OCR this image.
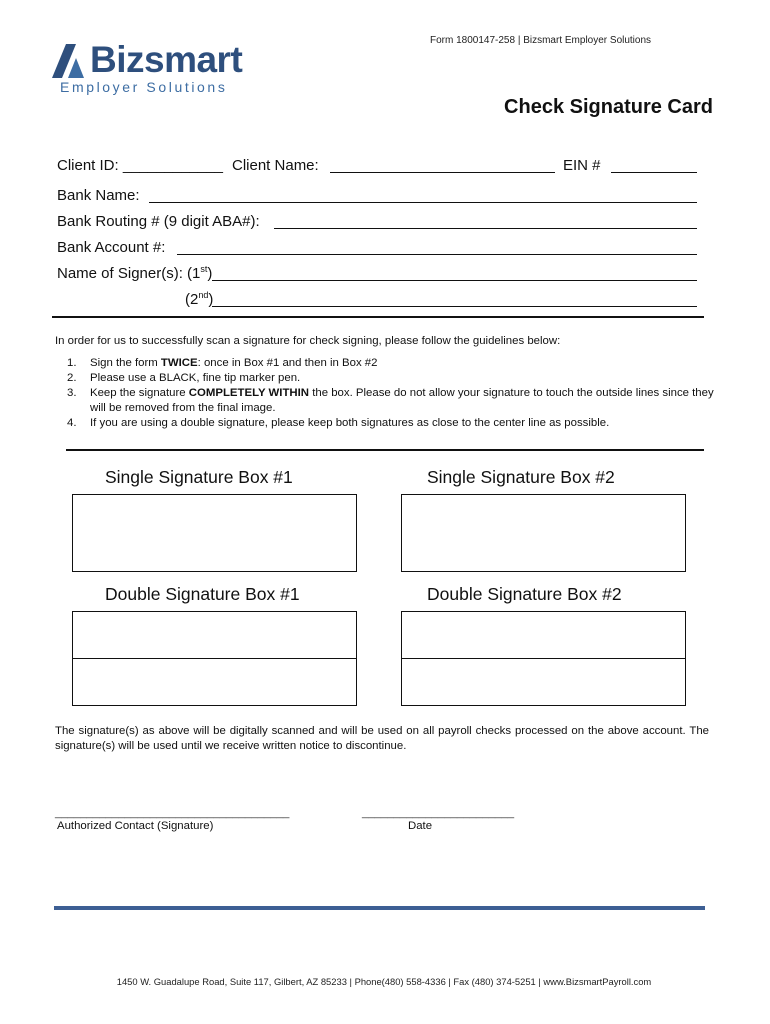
Form 1800147-258 | Bizsmart Employer Solutions
Bizsmart
Employer Solutions
Check Signature Card
Client ID: ____________ Client Name:	EIN #
Bank Name:
Bank Routing # (9 digit ABA#):
Bank Account #:
Name of Signer(s): (1st)
(2nd)
In order for us to successfully scan a signature for check signing, please follow the guidelines below:
1. Sign the form TWICE: once in Box #1 and then in Box #2
2. Please use a BLACK, fine tip marker pen.
3. Keep the signature COMPLETELY WITHIN the box. Please do not allow your signature to touch the outside lines since they will be removed from the final image.
4. If you are using a double signature, please keep both signatures as close to the center line as possible.
Single Signature Box #1	Single Signature Box #2
Double Signature Box #1	Double Signature Box #2
The signature(s) as above will be digitally scanned and will be used on all payroll checks processed on the above account. The signature(s) will be used until we receive written notice to discontinue.
_____________________________________	________________________
Authorized Contact (Signature)	Date
1450 W. Guadalupe Road, Suite 117, Gilbert, AZ 85233 | Phone(480) 558-4336 | Fax (480) 374-5251 | www.BizsmartPayroll.com
